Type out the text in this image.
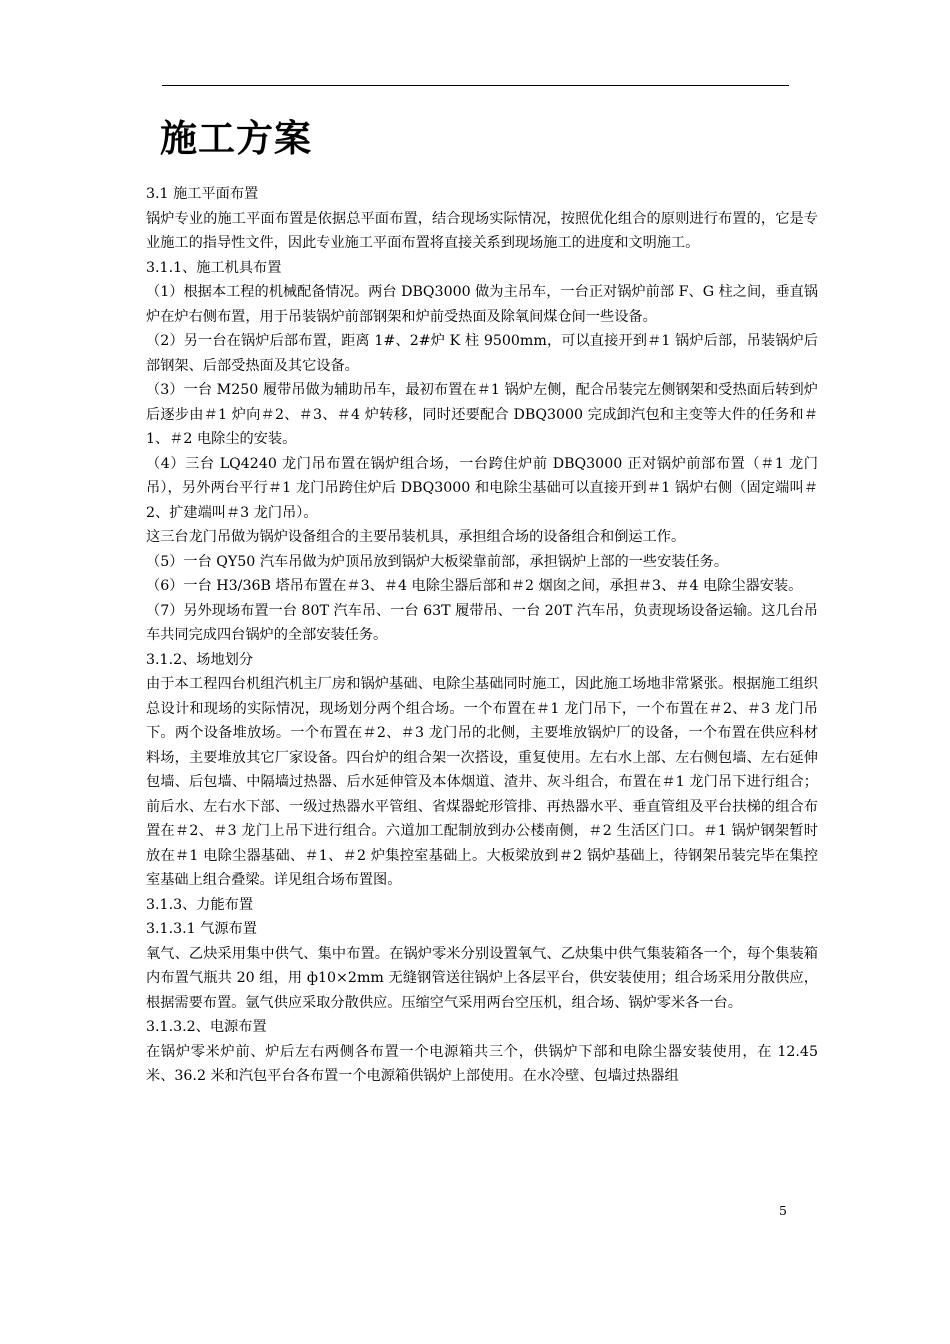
施工方案

3.1 施工平面布置

锅炉专业的施工平面布置是依据总平面布置，结合现场实际情况，按照优化组合的原则进行布置的，它是专业施工的指导性文件，因此专业施工平面布置将直接关系到现场施工的进度和文明施工。

3.1.1、施工机具布置

（1）根据本工程的机械配备情况。两台 DBQ3000 做为主吊车，一台正对锅炉前部 F、G 柱之间，垂直锅炉在炉右侧布置，用于吊装锅炉前部钢架和炉前受热面及除氧间煤仓间一些设备。

（2）另一台在锅炉后部布置，距离 1#、2#炉 K 柱 9500mm，可以直接开到＃1 锅炉后部，吊装锅炉后部钢架、后部受热面及其它设备。

（3）一台 M250 履带吊做为辅助吊车，最初布置在＃1 锅炉左侧，配合吊装完左侧钢架和受热面后转到炉后逐步由＃1 炉向＃2、＃3、＃4 炉转移，同时还要配合 DBQ3000 完成卸汽包和主变等大件的任务和＃1、＃2 电除尘的安装。

（4）三台 LQ4240 龙门吊布置在锅炉组合场，一台跨住炉前 DBQ3000 正对锅炉前部布置（＃1 龙门吊），另外两台平行＃1 龙门吊跨住炉后 DBQ3000 和电除尘基础可以直接开到＃1 锅炉右侧（固定端叫＃2、扩建端叫＃3 龙门吊）。

这三台龙门吊做为锅炉设备组合的主要吊装机具，承担组合场的设备组合和倒运工作。

（5）一台 QY50 汽车吊做为炉顶吊放到锅炉大板梁靠前部，承担锅炉上部的一些安装任务。

（6）一台 H3/36B 塔吊布置在＃3、＃4 电除尘器后部和＃2 烟囱之间，承担＃3、＃4 电除尘器安装。

（7）另外现场布置一台 80T 汽车吊、一台 63T 履带吊、一台 20T 汽车吊，负责现场设备运输。这几台吊车共同完成四台锅炉的全部安装任务。

3.1.2、场地划分

由于本工程四台机组汽机主厂房和锅炉基础、电除尘基础同时施工，因此施工场地非常紧张。根据施工组织总设计和现场的实际情况，现场划分两个组合场。一个布置在＃1 龙门吊下，一个布置在＃2、＃3 龙门吊下。两个设备堆放场。一个布置在＃2、＃3 龙门吊的北侧，主要堆放锅炉厂的设备，一个布置在供应科材料场，主要堆放其它厂家设备。四台炉的组合架一次搭设，重复使用。左右水上部、左右侧包墙、左右延伸包墙、后包墙、中隔墙过热器、后水延伸管及本体烟道、渣井、灰斗组合，布置在＃1 龙门吊下进行组合；前后水、左右水下部、一级过热器水平管组、省煤器蛇形管排、再热器水平、垂直管组及平台扶梯的组合布置在＃2、＃3 龙门上吊下进行组合。六道加工配制放到办公楼南侧，＃2 生活区门口。＃1 锅炉钢架暂时放在＃1 电除尘器基础、＃1、＃2 炉集控室基础上。大板梁放到＃2 锅炉基础上，待钢架吊装完毕在集控室基础上组合叠梁。详见组合场布置图。

3.1.3、力能布置

3.1.3.1 气源布置

氧气、乙炔采用集中供气、集中布置。在锅炉零米分别设置氧气、乙炔集中供气集装箱各一个，每个集装箱内布置气瓶共 20 组，用 ф10×2mm 无缝钢管送往锅炉上各层平台，供安装使用；组合场采用分散供应，根据需要布置。氩气供应采取分散供应。压缩空气采用两台空压机，组合场、锅炉零米各一台。

3.1.3.2、电源布置

在锅炉零米炉前、炉后左右两侧各布置一个电源箱共三个，供锅炉下部和电除尘器安装使用，在 12.45 米、36.2 米和汽包平台各布置一个电源箱供锅炉上部使用。在水冷壁、包墙过热器组

5
